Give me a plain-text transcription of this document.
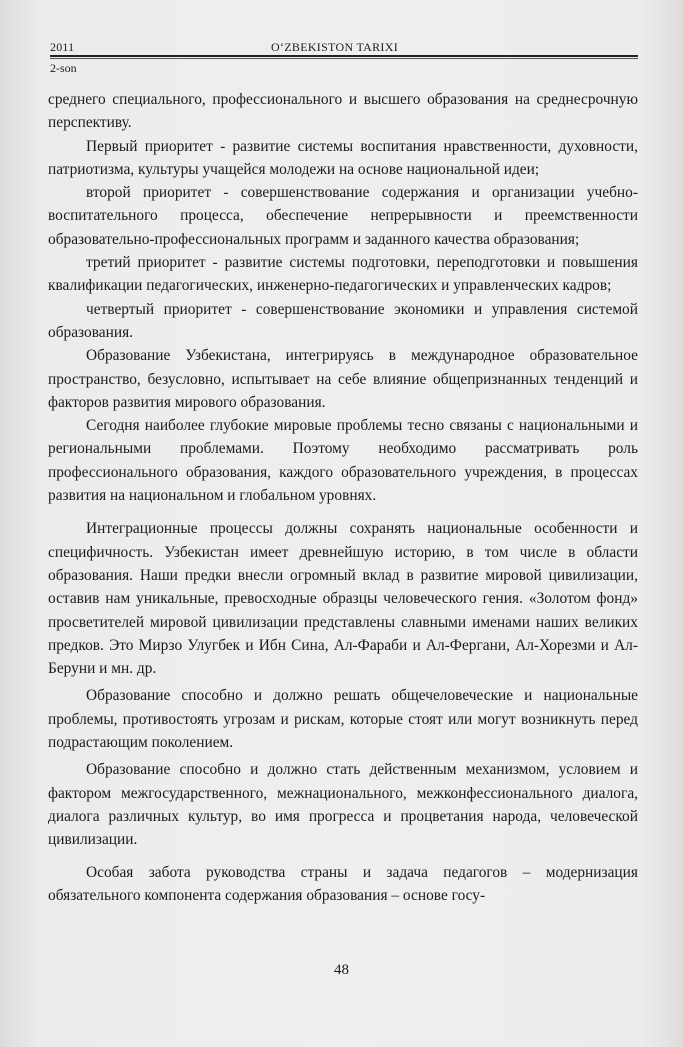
2011	O‘ZBEKISTON TARIXI
2-son

среднего специального, профессионального и высшего образования на среднесрочную перспективу.

Первый приоритет - развитие системы воспитания нравственности, духовности, патриотизма, культуры учащейся молодежи на основе национальной идеи;

второй приоритет - совершенствование содержания и организации учебно-воспитательного процесса, обеспечение непрерывности и преемственности образовательно-профессиональных программ и заданного качества образования;

третий приоритет - развитие системы подготовки, переподготовки и повышения квалификации педагогических, инженерно-педагогических и управленческих кадров;

четвертый приоритет - совершенствование экономики и управления системой образования.

Образование Узбекистана, интегрируясь в международное образовательное пространство, безусловно, испытывает на себе влияние общепризнанных тенденций и факторов развития мирового образования.

Сегодня наиболее глубокие мировые проблемы тесно связаны с национальными и региональными проблемами. Поэтому необходимо рассматривать роль профессионального образования, каждого образовательного учреждения, в процессах развития на национальном и глобальном уровнях.

Интеграционные процессы должны сохранять национальные особенности и специфичность. Узбекистан имеет древнейшую историю, в том числе в области образования. Наши предки внесли огромный вклад в развитие мировой цивилизации, оставив нам уникальные, превосходные образцы человеческого гения. «Золотом фонд» просветителей мировой цивилизации представлены славными именами наших великих предков. Это Мирзо Улугбек и Ибн Сина, Ал-Фараби и Ал-Фергани, Ал-Хорезми и Ал-Беруни и мн. др.

Образование способно и должно решать общечеловеческие и национальные проблемы, противостоять угрозам и рискам, которые стоят или могут возникнуть перед подрастающим поколением.

Образование способно и должно стать действенным механизмом, условием и фактором межгосударственного, межнационального, межконфессионального диалога, диалога различных культур, во имя прогресса и процветания народа, человеческой цивилизации.

Особая забота руководства страны и задача педагогов – модернизация обязательного компонента содержания образования – основе госу-

48
